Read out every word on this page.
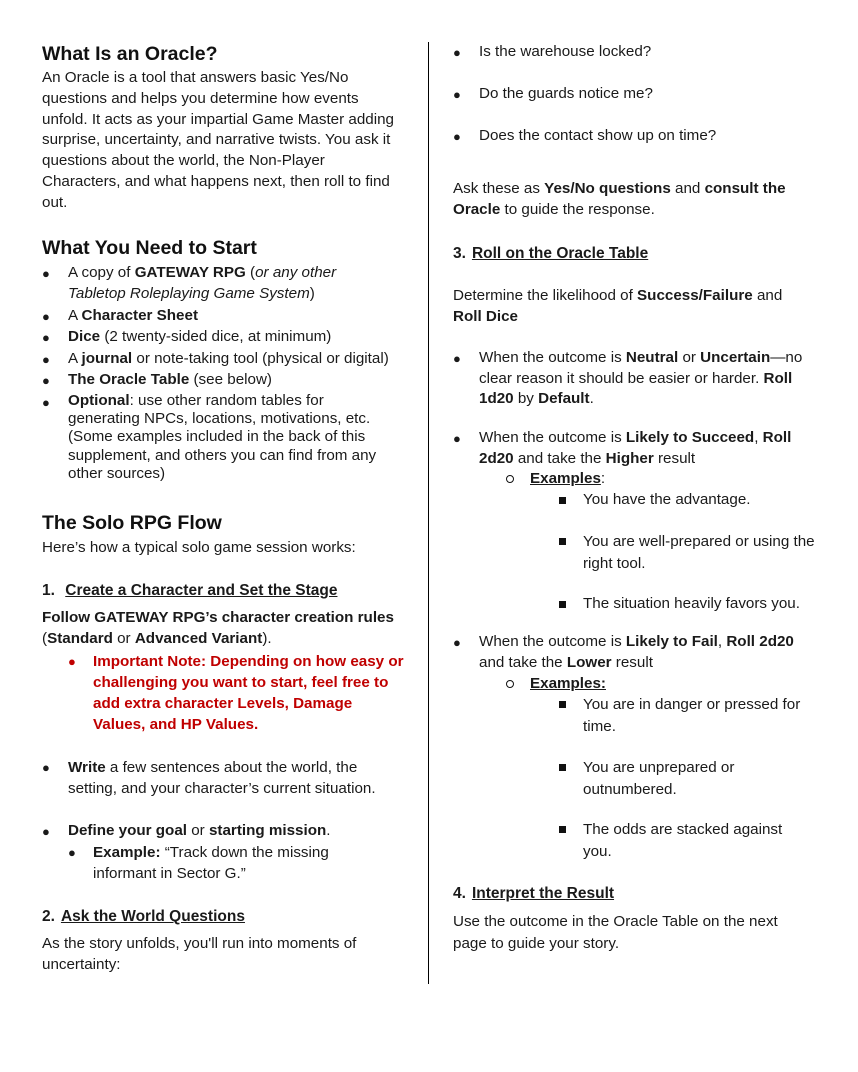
What Is an Oracle?

An Oracle is a tool that answers basic Yes/No questions and helps you determine how events unfold. It acts as your impartial Game Master adding surprise, uncertainty, and narrative twists. You ask it questions about the world, the Non-Player Characters, and what happens next, then roll to find out.

What You Need to Start
● A copy of GATEWAY RPG (or any other Tabletop Roleplaying Game System)

● A Character Sheet

● Dice (2 twenty-sided dice, at minimum)

● A journal or note-taking tool (physical or digital)

● The Oracle Table (see below)

● Optional: use other random tables for generating NPCs, locations, motivations, etc. (Some examples included in the back of this supplement, and others you can find from any other sources)

The Solo RPG Flow

Here’s how a typical solo game session works:

1. Create a Character and Set the Stage

Follow GATEWAY RPG’s character creation rules (Standard or Advanced Variant).

● Important Note: Depending on how easy or challenging you want to start, feel free to add extra character Levels, Damage Values, and HP Values.

● Write a few sentences about the world, the setting, and your character’s current situation.

● Define your goal or starting mission.

● Example: “Track down the missing informant in Sector G.”

2. Ask the World Questions

As the story unfolds, you'll run into moments of uncertainty:

● Is the warehouse locked?

● Do the guards notice me?

● Does the contact show up on time?

Ask these as Yes/No questions and consult the Oracle to guide the response.

3. Roll on the Oracle Table

Determine the likelihood of Success/Failure and Roll Dice

● When the outcome is Neutral or Uncertain—no clear reason it should be easier or harder. Roll 1d20 by Default.

● When the outcome is Likely to Succeed, Roll 2d20 and take the Higher result

Examples:

You have the advantage.

You are well-prepared or using the right tool.

The situation heavily favors you.

● When the outcome is Likely to Fail, Roll 2d20 and take the Lower result

Examples:

You are in danger or pressed for time.

You are unprepared or outnumbered.

The odds are stacked against you.

4. Interpret the Result

Use the outcome in the Oracle Table on the next page to guide your story.
